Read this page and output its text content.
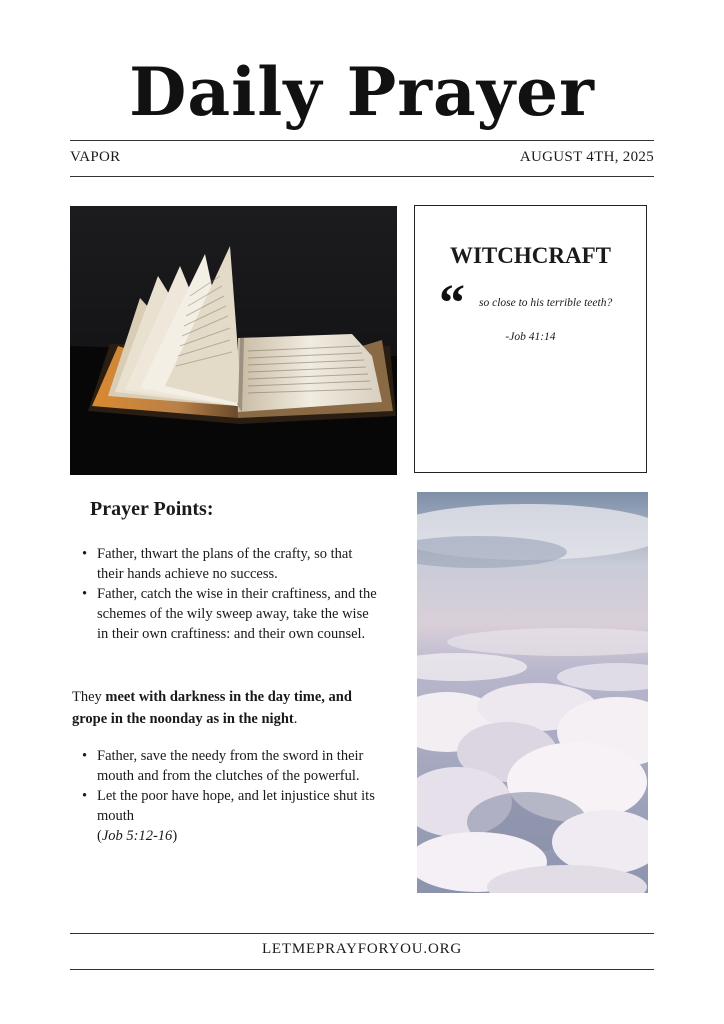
Daily Prayer
VAPOR	AUGUST 4TH, 2025
WITCHCRAFT
“ so close to his terrible teeth?
-Job 41:14
Prayer Points:
• Father, thwart the plans of the crafty, so that their hands achieve no success.
• Father, catch the wise in their craftiness, and the schemes of the wily sweep away, take the wise in their own craftiness: and their own counsel.
They meet with darkness in the day time, and grope in the noonday as in the night.
• Father, save the needy from the sword in their mouth and from the clutches of the powerful.
• Let the poor have hope, and let injustice shut its mouth
(Job 5:12-16)
LETMEPRAYFORYOU.ORG
